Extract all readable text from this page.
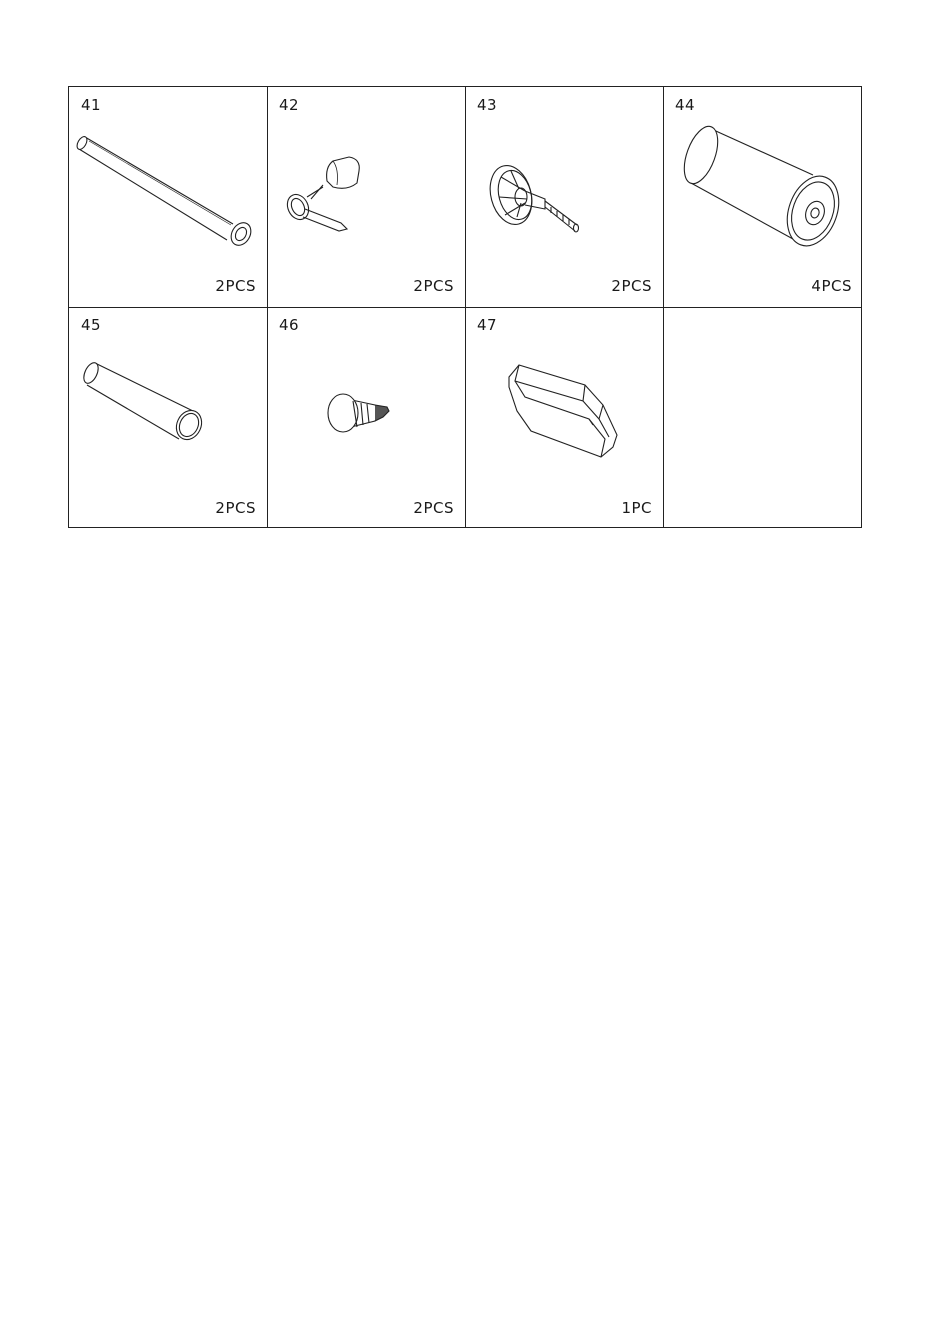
41
2PCS
42
2PCS
43
2PCS
44
4PCS
45
2PCS
46
2PCS
47
1PC
